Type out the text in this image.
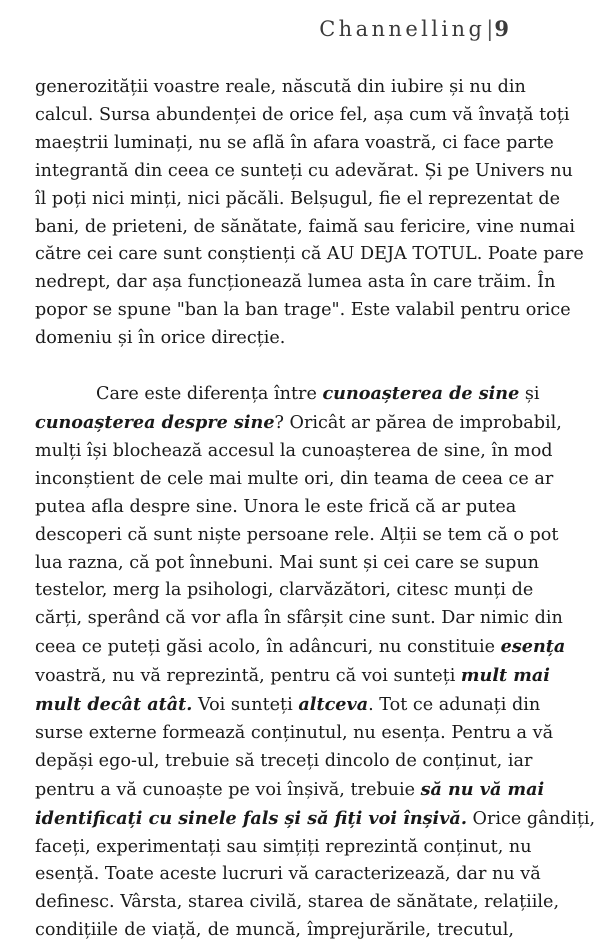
Channelling|9
generozității voastre reale, născută din iubire și nu din
calcul. Sursa abundenței de orice fel, așa cum vă învață toți
maeștrii luminați, nu se află în afara voastră, ci face parte
integrantă din ceea ce sunteți cu adevărat. Și pe Univers nu
îl poți nici minți, nici păcăli. Belșugul, fie el reprezentat de
bani, de prieteni, de sănătate, faimă sau fericire, vine numai
către cei care sunt conștienți că AU DEJA TOTUL. Poate pare
nedrept, dar așa funcționează lumea asta în care trăim. În
popor se spune "ban la ban trage". Este valabil pentru orice
domeniu și în orice direcție.
Care este diferența între cunoașterea de sine și
cunoașterea despre sine? Oricât ar părea de improbabil,
mulți își blochează accesul la cunoașterea de sine, în mod
inconștient de cele mai multe ori, din teama de ceea ce ar
putea afla despre sine. Unora le este frică că ar putea
descoperi că sunt niște persoane rele. Alții se tem că o pot
lua razna, că pot înnebuni. Mai sunt și cei care se supun
testelor, merg la psihologi, clarvăzători, citesc munți de
cărți, sperând că vor afla în sfârșit cine sunt. Dar nimic din
ceea ce puteți găsi acolo, în adâncuri, nu constituie esența
voastră, nu vă reprezintă, pentru că voi sunteți mult mai
mult decât atât. Voi sunteți altceva. Tot ce adunați din
surse externe formează conținutul, nu esența. Pentru a vă
depăși ego-ul, trebuie să treceți dincolo de conținut, iar
pentru a vă cunoaște pe voi înșivă, trebuie să nu vă mai
identificați cu sinele fals și să fiți voi înșivă. Orice gândiți,
faceți, experimentați sau simțiți reprezintă conținut, nu
esență. Toate aceste lucruri vă caracterizează, dar nu vă
definesc. Vârsta, starea civilă, starea de sănătate, relațiile,
condițiile de viață, de muncă, împrejurările, trecutul,
